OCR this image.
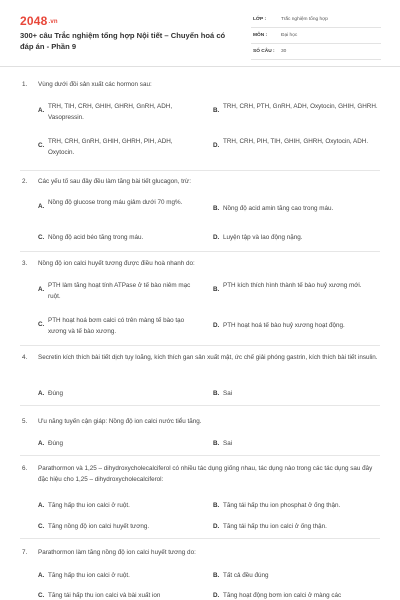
2048.vn
300+ câu Trắc nghiệm tổng hợp Nội tiết – Chuyển hoá có đáp án - Phần 9
LỚP :	Trắc nghiệm tổng hợp
MÔN :	Đại học
SỐ CÂU : 30
1. Vùng dưới đồi sản xuất các hormon sau:
A.
TRH, TIH, CRH, GHIH, GHRH, GnRH, ADH, Vasopressin.
B.
TRH, CRH, PTH, GnRH, ADH, Oxytocin, GHIH, GHRH.
C.
TRH, CRH, GnRH, GHIH, GHRH, PIH, ADH, Oxytocin.
D.
TRH, CRH, PIH, TIH, GHIH, GHRH, Oxytocin, ADH.
2. Các yếu tố sau đây đều làm tăng bài tiết glucagon, trừ:
A.
Nồng độ glucose trong máu giảm dưới 70 mg%.
B. Nồng độ acid amin tăng cao trong máu.
C. Nồng độ acid béo tăng trong máu.	D. Luyện tập và lao động nặng.
3. Nồng độ ion calci huyết tương được điều hoà nhanh do:
A.
PTH làm tăng hoạt tính ATPase ở tế bào niêm mạc ruột.
B.
PTH kích thích hình thành tế bào huỷ xương mới.
C.
PTH hoạt hoá bơm calci có trên màng tế bào tạo xương và tế bào xương.
D. PTH hoạt hoá tế bào huỷ xương hoạt động.
4. Secretin kích thích bài tiết dịch tụy loãng, kích thích gan sản xuất mật, ức chế giải phóng gastrin, kích thích bài tiết insulin.
A. Đúng	B. Sai
5. Ưu năng tuyến cận giáp: Nồng độ ion calci nước tiểu tăng.
A. Đúng	B. Sai
6. Parathormon và 1,25 – dihydroxycholecalciferol có nhiều tác dụng giống nhau, tác dụng nào trong các tác dụng sau đây đặc hiệu cho 1,25 – dihydroxycholecalciferol:
A. Tăng hấp thu ion calci ở ruột.	B. Tăng tái hấp thu ion phosphat ở ống thận.
C. Tăng nồng độ ion calci huyết tương.	D. Tăng tái hấp thu ion calci ở ống thận.
7. Parathormon làm tăng nồng độ ion calci huyết tương do:
A. Tăng hấp thu ion calci ở ruột.	B. Tất cả đều đúng
C. Tăng tái hấp thu ion calci và bài xuất ion	D. Tăng hoạt động bơm ion calci ở màng các
